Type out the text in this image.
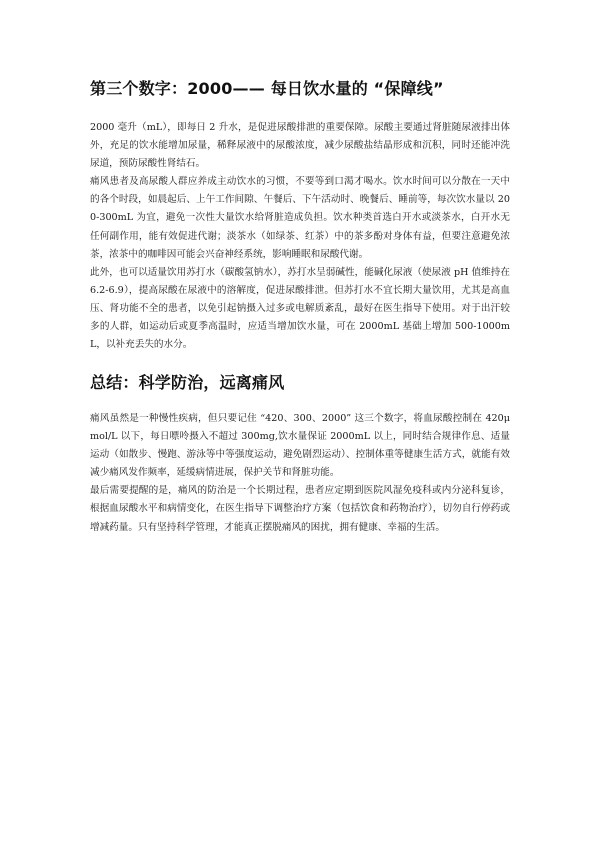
第三个数字：2000—— 每日饮水量的 “保障线”

2000 毫升（mL），即每日 2 升水，是促进尿酸排泄的重要保障。尿酸主要通过肾脏随尿液排出体外，充足的饮水能增加尿量，稀释尿液中的尿酸浓度，减少尿酸盐结晶形成和沉积，同时还能冲洗尿道，预防尿酸性肾结石。

痛风患者及高尿酸人群应养成主动饮水的习惯，不要等到口渴才喝水。饮水时间可以分散在一天中的各个时段，如晨起后、上午工作间隙、午餐后、下午活动时、晚餐后、睡前等，每次饮水量以 200-300mL 为宜，避免一次性大量饮水给肾脏造成负担。饮水种类首选白开水或淡茶水，白开水无任何副作用，能有效促进代谢；淡茶水（如绿茶、红茶）中的茶多酚对身体有益，但要注意避免浓茶，浓茶中的咖啡因可能会兴奋神经系统，影响睡眠和尿酸代谢。

此外，也可以适量饮用苏打水（碳酸氢钠水），苏打水呈弱碱性，能碱化尿液（使尿液 pH 值维持在 6.2-6.9），提高尿酸在尿液中的溶解度，促进尿酸排泄。但苏打水不宜长期大量饮用，尤其是高血压、肾功能不全的患者，以免引起钠摄入过多或电解质紊乱，最好在医生指导下使用。对于出汗较多的人群，如运动后或夏季高温时，应适当增加饮水量，可在 2000mL 基础上增加 500-1000mL，以补充丢失的水分。

总结：科学防治，远离痛风

痛风虽然是一种慢性疾病，但只要记住 “420、300、2000” 这三个数字，将血尿酸控制在 420μmol/L 以下，每日嘌呤摄入不超过 300mg,饮水量保证 2000mL 以上，同时结合规律作息、适量运动（如散步、慢跑、游泳等中等强度运动，避免剧烈运动）、控制体重等健康生活方式，就能有效减少痛风发作频率，延缓病情进展，保护关节和肾脏功能。

最后需要提醒的是，痛风的防治是一个长期过程，患者应定期到医院风湿免疫科或内分泌科复诊，根据血尿酸水平和病情变化，在医生指导下调整治疗方案（包括饮食和药物治疗），切勿自行停药或增减药量。只有坚持科学管理，才能真正摆脱痛风的困扰，拥有健康、幸福的生活。
